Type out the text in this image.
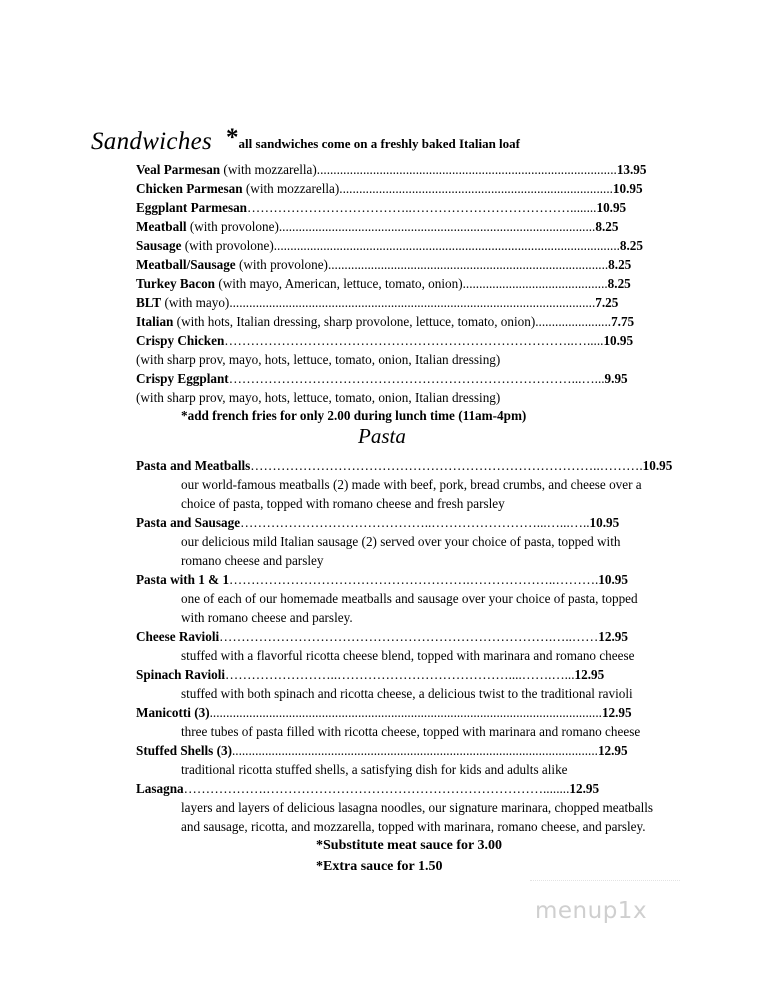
Sandwiches *all sandwiches come on a freshly baked Italian loaf
Veal Parmesan (with mozzarella)...........................................................................................13.95
Chicken Parmesan (with mozzarella)...................................................................................10.95
Eggplant Parmesan………………………………..………………………………........10.95
Meatball (with provolone)................................................................................................8.25
Sausage (with provolone).........................................................................................................8.25
Meatball/Sausage (with provolone).....................................................................................8.25
Turkey Bacon (with mayo, American, lettuce, tomato, onion)............................................8.25
BLT (with mayo)...............................................................................................................7.25
Italian (with hots, Italian dressing, sharp provolone, lettuce, tomato, onion).......................7.75
Crispy Chicken……………………………………………………………………..….....10.95
(with sharp prov, mayo, hots, lettuce, tomato, onion, Italian dressing)
Crispy Eggplant……………………………………………………………………...…...9.95
(with sharp prov, mayo, hots, lettuce, tomato, onion, Italian dressing)
*add french fries for only 2.00 during lunch time (11am-4pm)
Pasta
Pasta and Meatballs……………………………………………………………………..……….10.95
our world-famous meatballs (2) made with beef, pork, bread crumbs, and cheese over a
choice of pasta, topped with romano cheese and fresh parsley
Pasta and Sausage……………………………………..……………………...…...…..10.95
our delicious mild Italian sausage (2) served over your choice of pasta, topped with
romano cheese and parsley
Pasta with 1 & 1……………………………………………….………………..……….10.95
one of each of our homemade meatballs and sausage over your choice of pasta, topped
with romano cheese and parsley.
Cheese Ravioli………………………………………………………………….…..……12.95
stuffed with a flavorful ricotta cheese blend, topped with marinara and romano cheese
Spinach Ravioli……………………..…………………………………....…….…...12.95
stuffed with both spinach and ricotta cheese, a delicious twist to the traditional ravioli
Manicotti (3).......................................................................................................................12.95
three tubes of pasta filled with ricotta cheese, topped with marinara and romano cheese
Stuffed Shells (3)...............................................................................................................12.95
traditional ricotta stuffed shells, a satisfying dish for kids and adults alike
Lasagna……………….………………………………………………………........12.95
layers and layers of delicious lasagna noodles, our signature marinara, chopped meatballs
and sausage, ricotta, and mozzarella, topped with marinara, romano cheese, and parsley.
*Substitute meat sauce for 3.00
*Extra sauce for 1.50
menup1x
